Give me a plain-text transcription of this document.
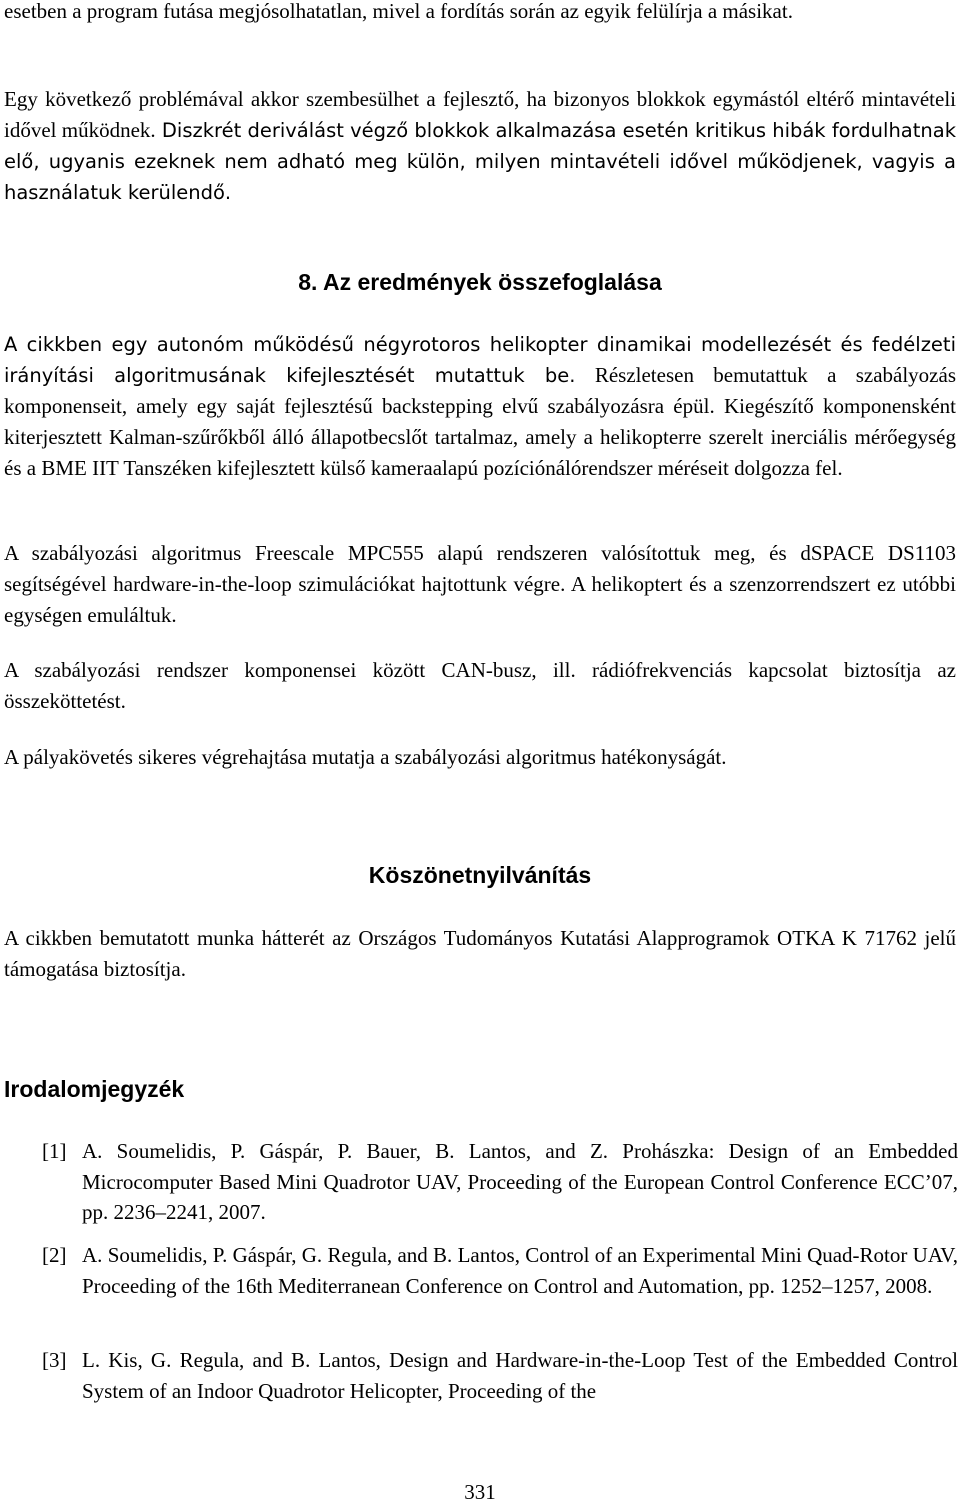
esetben a program futása megjósolhatatlan, mivel a fordítás során az egyik felülírja a másikat.

Egy következő problémával akkor szembesülhet a fejlesztő, ha bizonyos blokkok egymástól eltérő mintavételi idővel működnek. Diszkrét deriválást végző blokkok alkalmazása esetén kritikus hibák fordulhatnak elő, ugyanis ezeknek nem adható meg külön, milyen mintavételi idővel működjenek, vagyis a használatuk kerülendő.

8. Az eredmények összefoglalása

A cikkben egy autonóm működésű négyrotoros helikopter dinamikai modellezését és fedélzeti irányítási algoritmusának kifejlesztését mutattuk be. Részletesen bemutattuk a szabályozás komponenseit, amely egy saját fejlesztésű backstepping elvű szabályozásra épül. Kiegészítő komponensként kiterjesztett Kalman-szűrőkből álló állapotbecslőt tartalmaz, amely a helikopterre szerelt inerciális mérőegység és a BME IIT Tanszéken kifejlesztett külső kameraalapú pozíciónálórendszer méréseit dolgozza fel.

A szabályozási algoritmus Freescale MPC555 alapú rendszeren valósítottuk meg, és dSPACE DS1103 segítségével hardware-in-the-loop szimulációkat hajtottunk végre. A helikoptert és a szenzorrendszert ez utóbbi egységen emuláltuk.

A szabályozási rendszer komponensei között CAN-busz, ill. rádiófrekvenciás kapcsolat biztosítja az összeköttetést.

A pályakövetés sikeres végrehajtása mutatja a szabályozási algoritmus hatékonyságát.

Köszönetnyilvánítás

A cikkben bemutatott munka hátterét az Országos Tudományos Kutatási Alapprogramok OTKA K 71762 jelű támogatása biztosítja.

Irodalomjegyzék
[1] A. Soumelidis, P. Gáspár, P. Bauer, B. Lantos, and Z. Prohászka: Design of an Embedded Microcomputer Based Mini Quadrotor UAV, Proceeding of the European Control Conference ECC’07, pp. 2236–2241, 2007.
[2] A. Soumelidis, P. Gáspár, G. Regula, and B. Lantos, Control of an Experimental Mini Quad-Rotor UAV, Proceeding of the 16th Mediterranean Conference on Control and Automation, pp. 1252–1257, 2008.
[3] L. Kis, G. Regula, and B. Lantos, Design and Hardware-in-the-Loop Test of the Embedded Control System of an Indoor Quadrotor Helicopter, Proceeding of the
331
